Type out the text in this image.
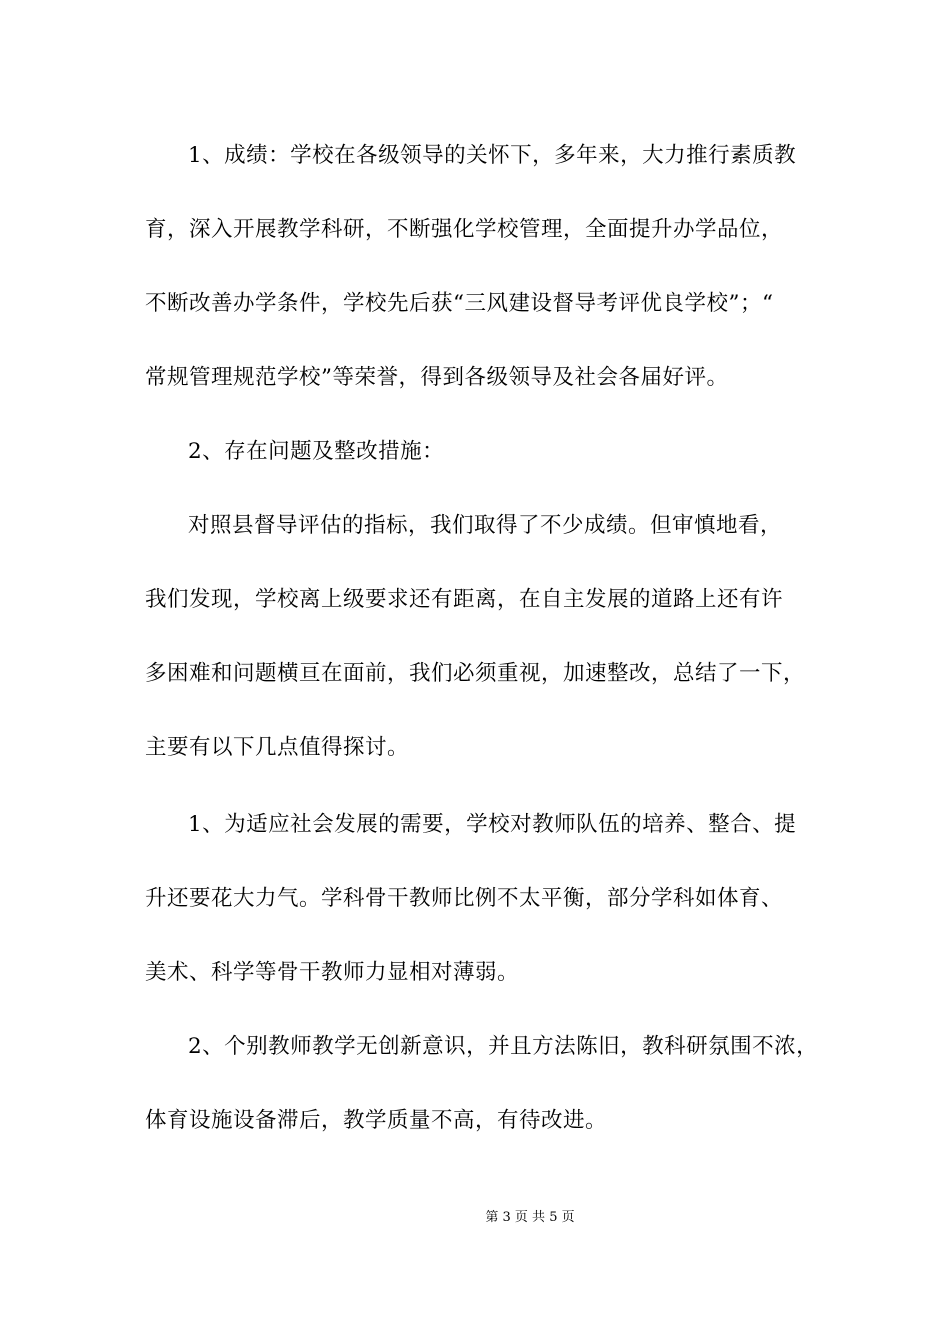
1、成绩：学校在各级领导的关怀下，多年来，大力推行素质教
育，深入开展教学科研，不断强化学校管理，全面提升办学品位，
不断改善办学条件，学校先后获“三风建设督导考评优良学校”；“
常规管理规范学校”等荣誉，得到各级领导及社会各届好评。
2、存在问题及整改措施：
对照县督导评估的指标，我们取得了不少成绩。但审慎地看，
我们发现，学校离上级要求还有距离，在自主发展的道路上还有许
多困难和问题横亘在面前，我们必须重视，加速整改，总结了一下，
主要有以下几点值得探讨。
1、为适应社会发展的需要，学校对教师队伍的培养、整合、提
升还要花大力气。学科骨干教师比例不太平衡，部分学科如体育、
美术、科学等骨干教师力显相对薄弱。
2、个别教师教学无创新意识，并且方法陈旧，教科研氛围不浓，
体育设施设备滞后，教学质量不高，有待改进。
第 3 页 共 5 页
